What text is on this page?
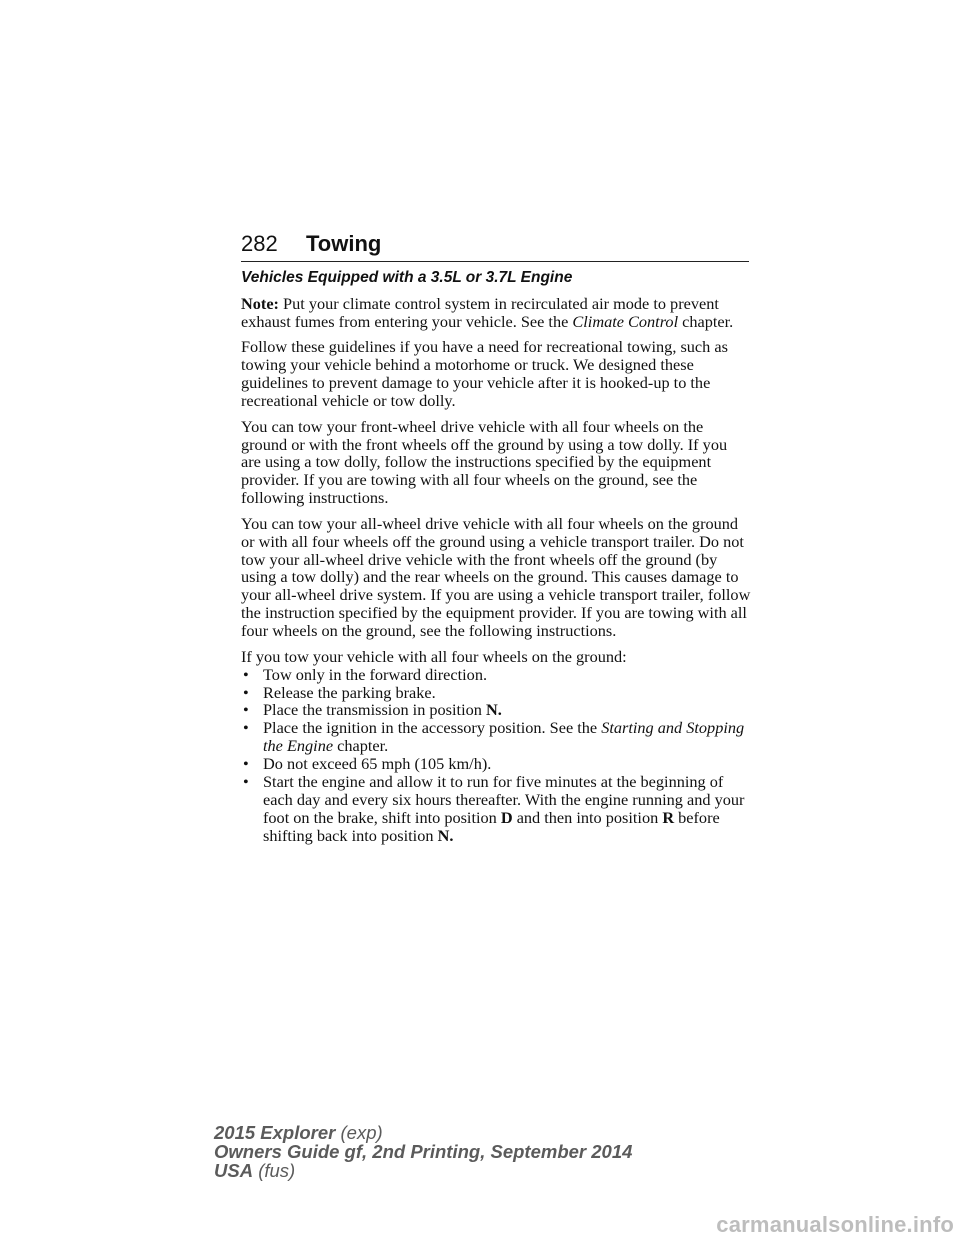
282 Towing
Vehicles Equipped with a 3.5L or 3.7L Engine

Note: Put your climate control system in recirculated air mode to prevent exhaust fumes from entering your vehicle. See the Climate Control chapter.

Follow these guidelines if you have a need for recreational towing, such as towing your vehicle behind a motorhome or truck. We designed these guidelines to prevent damage to your vehicle after it is hooked-up to the recreational vehicle or tow dolly.

You can tow your front-wheel drive vehicle with all four wheels on the ground or with the front wheels off the ground by using a tow dolly. If you are using a tow dolly, follow the instructions specified by the equipment provider. If you are towing with all four wheels on the ground, see the following instructions.

You can tow your all-wheel drive vehicle with all four wheels on the ground or with all four wheels off the ground using a vehicle transport trailer. Do not tow your all-wheel drive vehicle with the front wheels off the ground (by using a tow dolly) and the rear wheels on the ground. This causes damage to your all-wheel drive system. If you are using a vehicle transport trailer, follow the instruction specified by the equipment provider. If you are towing with all four wheels on the ground, see the following instructions.

If you tow your vehicle with all four wheels on the ground:
• Tow only in the forward direction.
• Release the parking brake.
• Place the transmission in position N.
• Place the ignition in the accessory position. See the Starting and Stopping the Engine chapter.
• Do not exceed 65 mph (105 km/h).
• Start the engine and allow it to run for five minutes at the beginning of each day and every six hours thereafter. With the engine running and your foot on the brake, shift into position D and then into position R before shifting back into position N.
2015 Explorer (exp)
Owners Guide gf, 2nd Printing, September 2014
USA (fus)
carmanualsonline.info
